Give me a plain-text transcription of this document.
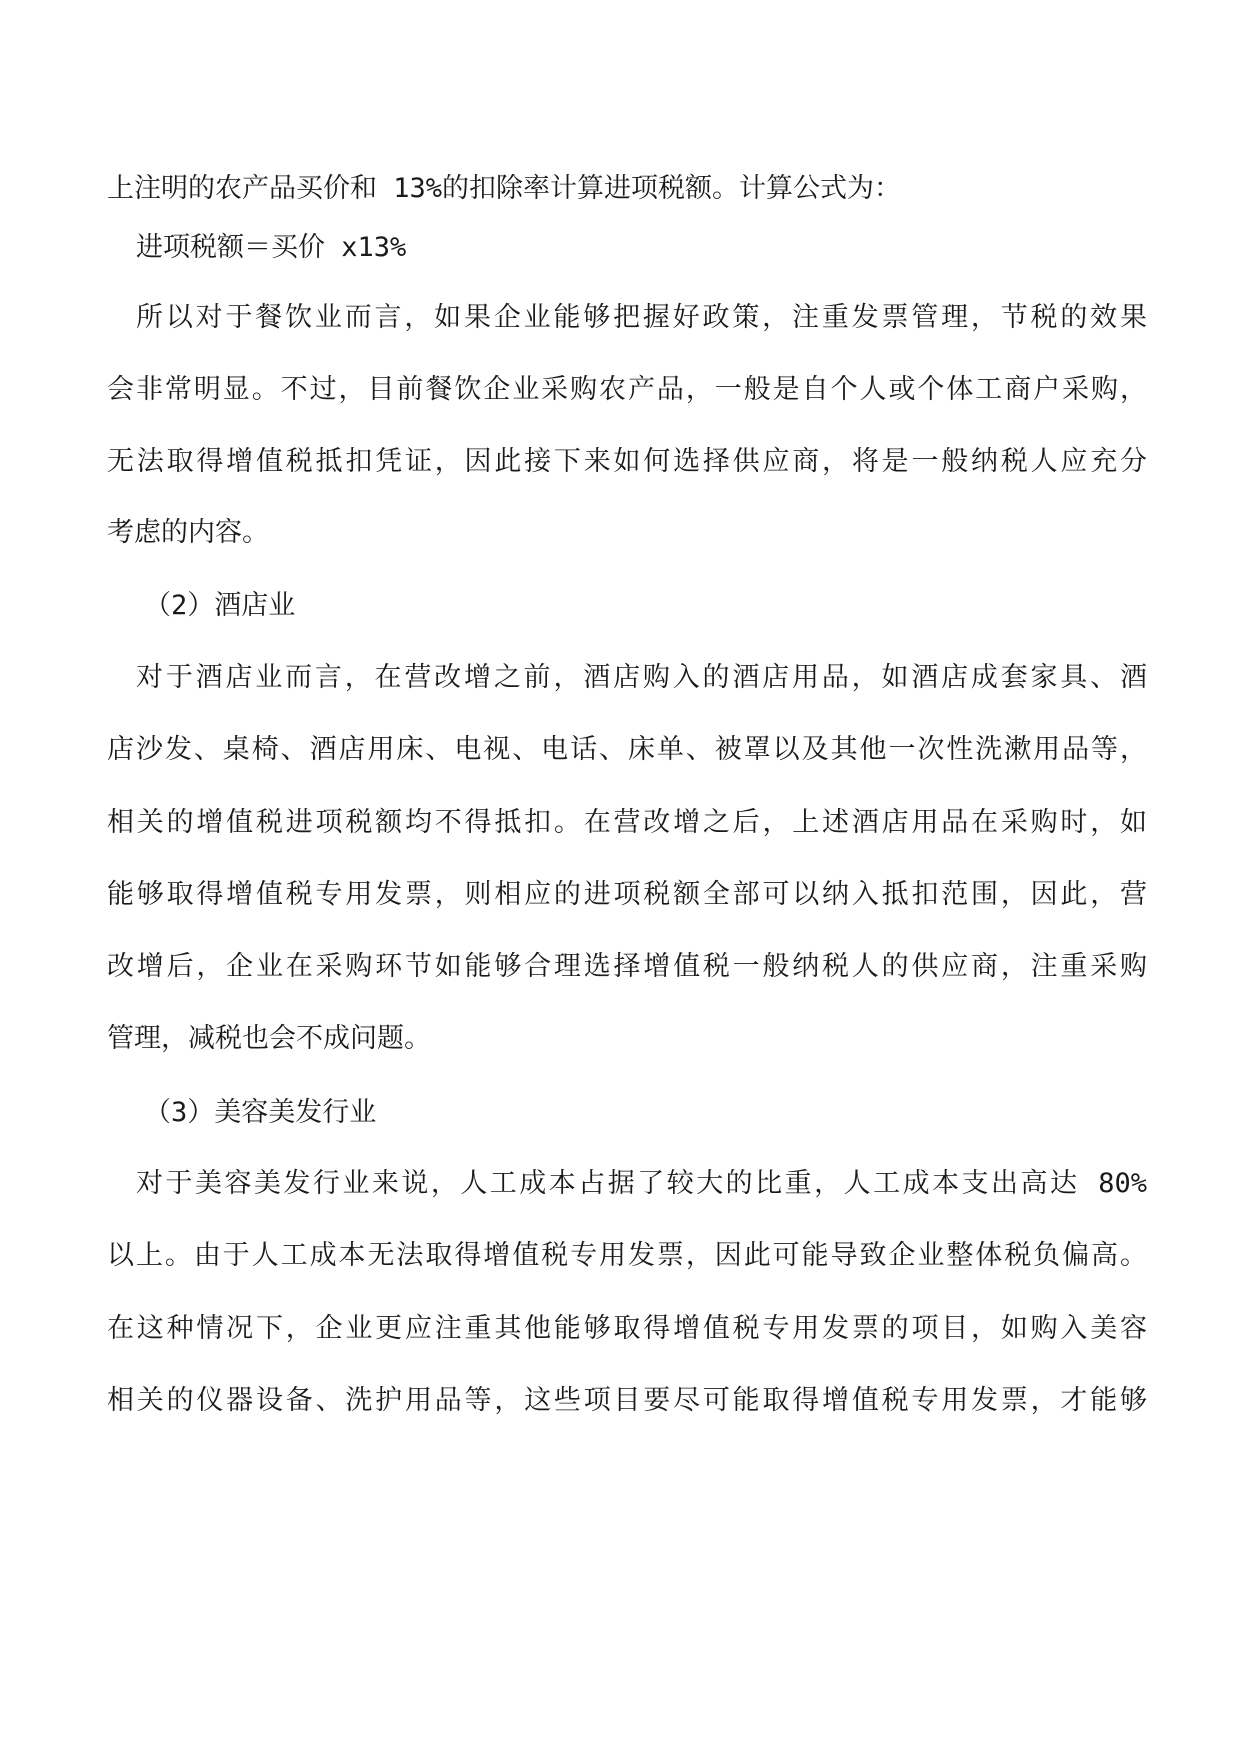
上注明的农产品买价和 13%的扣除率计算进项税额。计算公式为：
进项税额＝买价 x13%
所以对于餐饮业而言，如果企业能够把握好政策，注重发票管理，节税的效果
会非常明显。不过，目前餐饮企业采购农产品，一般是自个人或个体工商户采购，
无法取得增值税抵扣凭证，因此接下来如何选择供应商，将是一般纳税人应充分
考虑的内容。
（2）酒店业
对于酒店业而言，在营改增之前，酒店购入的酒店用品，如酒店成套家具、酒
店沙发、桌椅、酒店用床、电视、电话、床单、被罩以及其他一次性洗漱用品等，
相关的增值税进项税额均不得抵扣。在营改增之后，上述酒店用品在采购时，如
能够取得增值税专用发票，则相应的进项税额全部可以纳入抵扣范围，因此，营
改增后，企业在采购环节如能够合理选择增值税一般纳税人的供应商，注重采购
管理，减税也会不成问题。
（3）美容美发行业
对于美容美发行业来说，人工成本占据了较大的比重，人工成本支出高达 80%
以上。由于人工成本无法取得增值税专用发票，因此可能导致企业整体税负偏高。
在这种情况下，企业更应注重其他能够取得增值税专用发票的项目，如购入美容
相关的仪器设备、洗护用品等，这些项目要尽可能取得增值税专用发票，才能够
